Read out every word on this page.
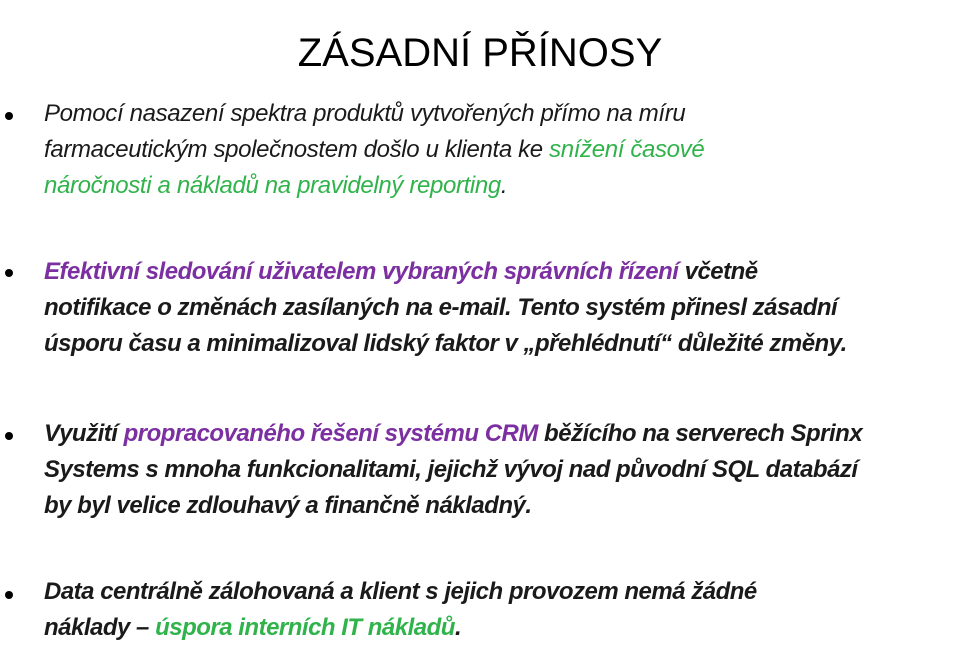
ZÁSADNÍ PŘÍNOSY

Pomocí nasazení spektra produktů vytvořených přímo na míru
farmaceutickým společnostem došlo u klienta ke snížení časové
náročnosti a nákladů na pravidelný reporting.

Efektivní sledování uživatelem vybraných správních řízení včetně
notifikace o změnách zasílaných na e-mail. Tento systém přinesl zásadní
úsporu času a minimalizoval lidský faktor v „přehlédnutí“ důležité změny.

Využití propracovaného řešení systému CRM běžícího na serverech Sprinx
Systems s mnoha funkcionalitami, jejichž vývoj nad původní SQL databází
by byl velice zdlouhavý a finančně nákladný.

Data centrálně zálohovaná a klient s jejich provozem nemá žádné
náklady – úspora interních IT nákladů.
